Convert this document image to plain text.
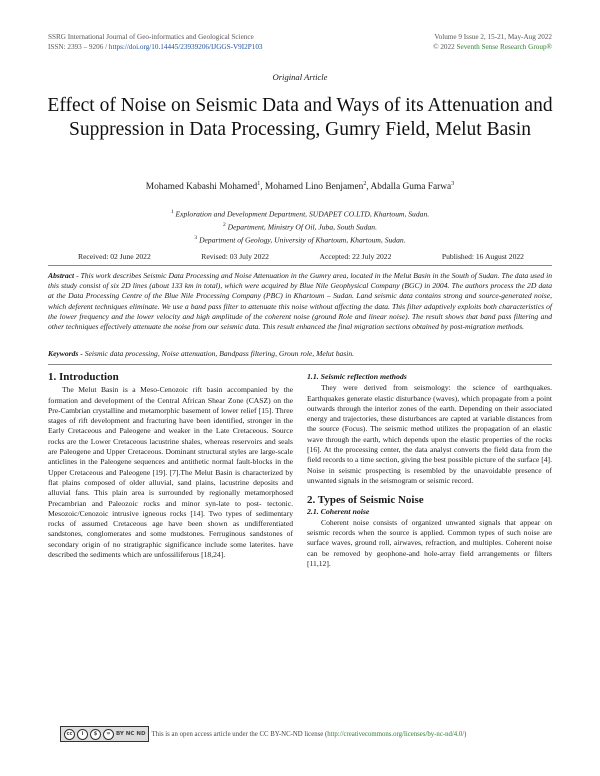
SSRG International Journal of Geo-informatics and Geological Science
ISSN: 2393 – 9206 / https://doi.org/10.14445/23939206/IJGGS-V9I2P103
Volume 9 Issue 2, 15-21, May-Aug 2022
© 2022 Seventh Sense Research Group®
Original Article
Effect of Noise on Seismic Data and Ways of its Attenuation and Suppression in Data Processing, Gumry Field, Melut Basin
Mohamed Kabashi Mohamed$^1$, Mohamed Lino Benjamen$^2$, Abdalla Guma Farwa$^3$
$^1$ Exploration and Development Department, SUDAPET CO.LTD, Khartoum, Sudan.
$^2$ Department, Ministry Of Oil, Juba, South Sudan.
$^3$ Department of Geology, University of Khartoum, Khartoum, Sudan.
Received: 02 June 2022	Revised: 03 July 2022	Accepted: 22 July 2022	Published: 16 August 2022
Abstract - This work describes Seismic Data Processing and Noise Attenuation in the Gumry area, located in the Melut Basin in the South of Sudan. The data used in this study consist of six 2D lines (about 133 km in total), which were acquired by Blue Nile Geophysical Company (BGC) in 2004. The authors process the 2D data at the Data Processing Centre of the Blue Nile Processing Company (PBC) in Khartoum – Sudan. Land seismic data contains strong and source-generated noise, which deferent techniques eliminate. We use a band pass filter to attenuate this noise without affecting the data. This filter adaptively exploits both characteristics of the lower frequency and the lower velocity and high amplitude of the coherent noise (ground Role and linear noise). The result shows that band pass filtering and other techniques effectively attenuate the noise from our seismic data. This result enhanced the final migration sections obtained by post-migration methods.
Keywords - Seismic data processing, Noise attenuation, Bandpass filtering, Groun role, Melut basin.
1. Introduction

The Melut Basin is a Meso-Cenozoic rift basin accompanied by the formation and development of the Central African Shear Zone (CASZ) on the Pre-Cambrian crystalline and metamorphic basement of lower relief [15]. Three stages of rift development and fracturing have been identified, stronger in the Early Cretaceous and Paleogene and weaker in the Late Cretaceous. Source rocks are the Lower Cretaceous lacustrine shales, whereas reservoirs and seals are Paleogene and Upper Cretaceous. Dominant structural styles are large-scale anticlines in the Paleogene sequences and antithetic normal fault-blocks in the Upper Cretaceous and Paleogene [19]. [7].The Melut Basin is characterized by flat plains composed of older alluvial, sand plains, lacustrine deposits and alluvial fans. This plain area is surrounded by regionally metamorphosed Precambrian and Paleozoic rocks and minor syn-late to post- tectonic. Mesozoic/Cenozoic intrusive igneous rocks [14]. Two types of sedimentary rocks of assumed Cretaceous age have been shown as undifferentiated sandstones, conglomerates and some mudstones. Ferruginous sandstones of secondary origin of no stratigraphic significance include some laterites. have described the sediments which are unfossiliferous [18,24].

1.1. Seismic reflection methods

They were derived from seismology: the science of earthquakes. Earthquakes generate elastic disturbance (waves), which propagate from a point outwards through the interior zones of the earth. Depending on their associated energy and trajectories, these disturbances are capted at variable distances from the source (Focus). The seismic method utilizes the propagation of an elastic wave through the earth, which depends upon the elastic properties of the rocks [16]. At the processing center, the data analyst converts the field data from the field records to a time section, giving the best possible picture of the surface [4]. Noise in seismic prospecting is resembled by the unavoidable presence of unwanted signals in the seismogram or seismic record.

2. Types of Seismic Noise
2.1. Coherent noise

Coherent noise consists of organized unwanted signals that appear on seismic records when the source is applied. Common types of such noise are surface waves, ground roll, airwaves, refraction, and multiples. Coherent noise can be removed by geophone-and hole-array field arrangements or filters [11,12].

cc	i	$	= BY NC ND This is an open access article under the CC BY-NC-ND license ( http://creativecommons.org/licenses/by-nc-nd/4.0/ )
